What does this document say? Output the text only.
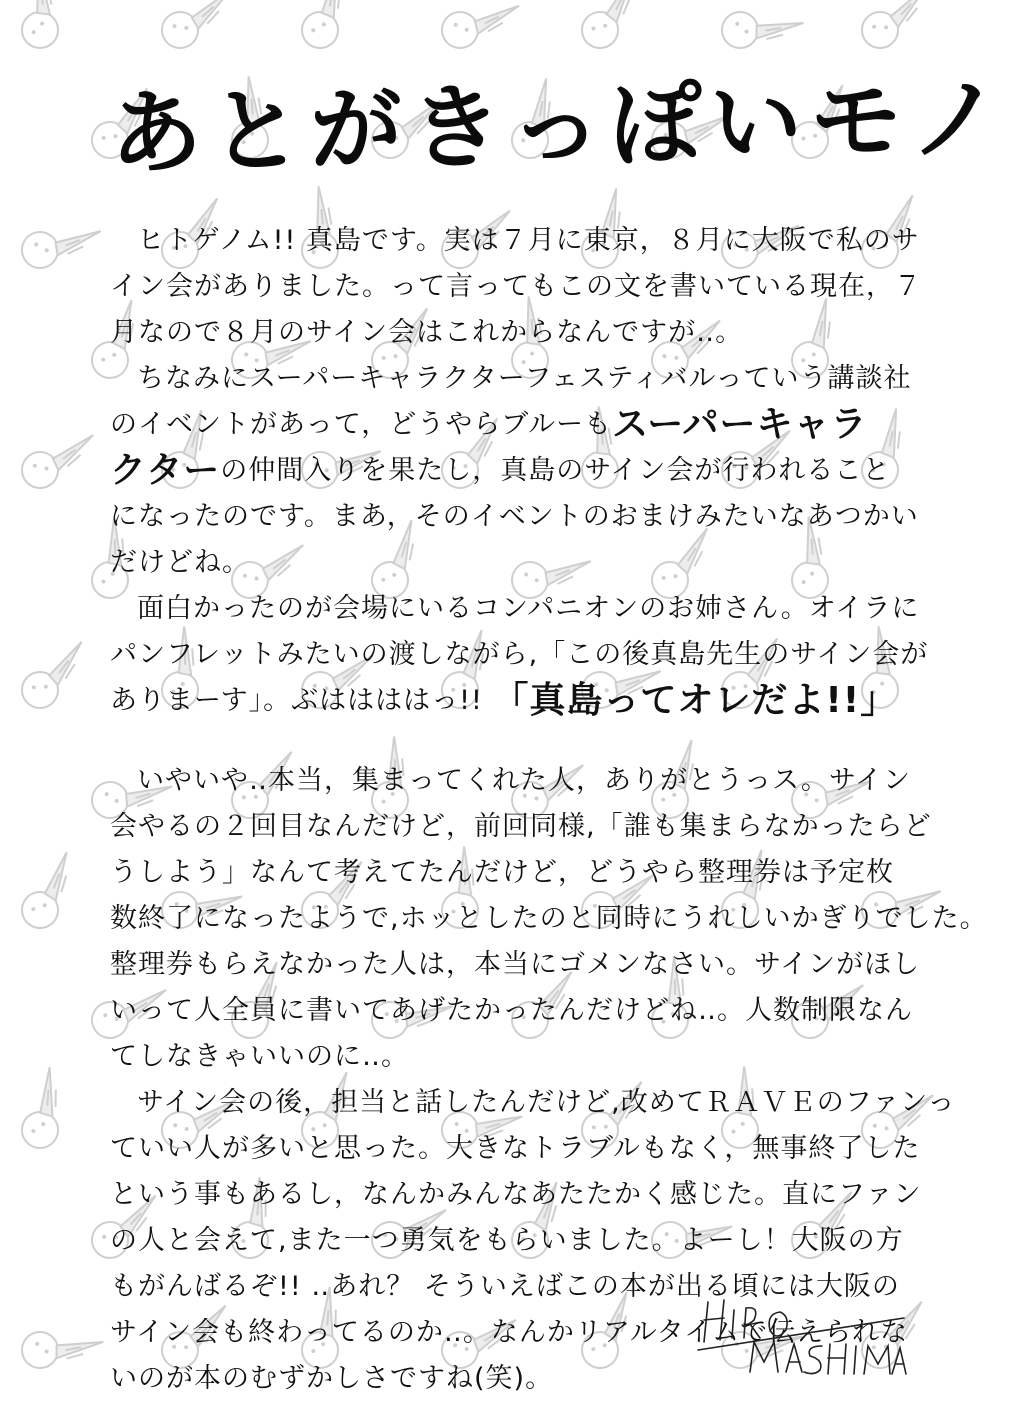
あとがきっぽいモノ
ヒトゲノム!! 真島です。実は７月に東京，８月に大阪で私のサ
イン会がありました。って言ってもこの文を書いている現在，７
月なので８月のサイン会はこれからなんですが‥。
ちなみにスーパーキャラクターフェスティバルっていう講談社
のイベントがあって，どうやらブルーもスーパーキャラ
クターの仲間入りを果たし，真島のサイン会が行われること
になったのです。まあ，そのイベントのおまけみたいなあつかい
だけどね。
面白かったのが会場にいるコンパニオンのお姉さん。オイラに
パンフレットみたいの渡しながら,「この後真島先生のサイン会が
ありまーす」。ぶははははっ!! 「真島ってオレだよ!!」
いやいや‥本当，集まってくれた人，ありがとうっス。サイン
会やるの２回目なんだけど，前回同様,「誰も集まらなかったらど
うしよう」なんて考えてたんだけど，どうやら整理券は予定枚
数終了になったようで,ホッとしたのと同時にうれしいかぎりでした。
整理券もらえなかった人は，本当にゴメンなさい。サインがほし
いって人全員に書いてあげたかったんだけどね‥。人数制限なん
てしなきゃいいのに‥。
サイン会の後，担当と話したんだけど,改めてＲＡＶＥのファンっ
ていい人が多いと思った。大きなトラブルもなく，無事終了した
という事もあるし，なんかみんなあたたかく感じた。直にファン
の人と会えて,また一つ勇気をもらいました。よーし！大阪の方
もがんばるぞ!! ‥あれ？ そういえばこの本が出る頃には大阪の
サイン会も終わってるのか‥。なんかリアルタイムで伝えられな
いのが本のむずかしさですね(笑)。
